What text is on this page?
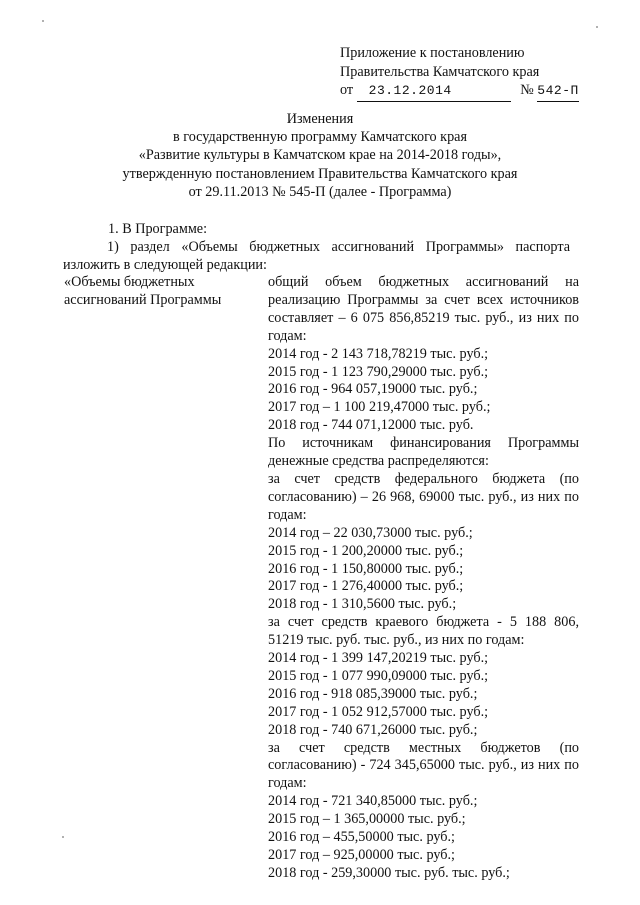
Приложение к постановлению
Правительства Камчатского края
от 23.12.2014	№ 542-П
Изменения
в государственную программу Камчатского края
«Развитие культуры в Камчатском крае на 2014-2018 годы»,
утвержденную постановлением Правительства Камчатского края
от 29.11.2013 № 545-П (далее - Программа)
1. В Программе:
1) раздел «Объемы бюджетных ассигнований Программы» паспорта изложить в следующей редакции:
«Объемы бюджетных ассигнований Программы
общий объем бюджетных ассигнований на реализацию Программы за счет всех источников составляет – 6 075 856,85219 тыс. руб., из них по годам:
2014 год - 2 143 718,78219 тыс. руб.;
2015 год - 1 123 790,29000 тыс. руб.;
2016 год - 964 057,19000 тыс. руб.;
2017 год – 1 100 219,47000 тыс. руб.;
2018 год - 744 071,12000 тыс. руб.
По источникам финансирования Программы денежные средства распределяются:
за счет средств федерального бюджета (по согласованию) – 26 968, 69000 тыс. руб., из них по годам:
2014 год – 22 030,73000 тыс. руб.;
2015 год - 1 200,20000 тыс. руб.;
2016 год - 1 150,80000 тыс. руб.;
2017 год - 1 276,40000 тыс. руб.;
2018 год - 1 310,5600 тыс. руб.;
за счет средств краевого бюджета - 5 188 806, 51219 тыс. руб. тыс. руб., из них по годам:
2014 год - 1 399 147,20219 тыс. руб.;
2015 год - 1 077 990,09000 тыс. руб.;
2016 год - 918 085,39000 тыс. руб.;
2017 год - 1 052 912,57000 тыс. руб.;
2018 год - 740 671,26000 тыс. руб.;
за счет средств местных бюджетов (по согласованию) - 724 345,65000 тыс. руб., из них по годам:
2014 год - 721 340,85000 тыс. руб.;
2015 год – 1 365,00000 тыс. руб.;
2016 год – 455,50000 тыс. руб.;
2017 год – 925,00000 тыс. руб.;
2018 год - 259,30000 тыс. руб. тыс. руб.;
